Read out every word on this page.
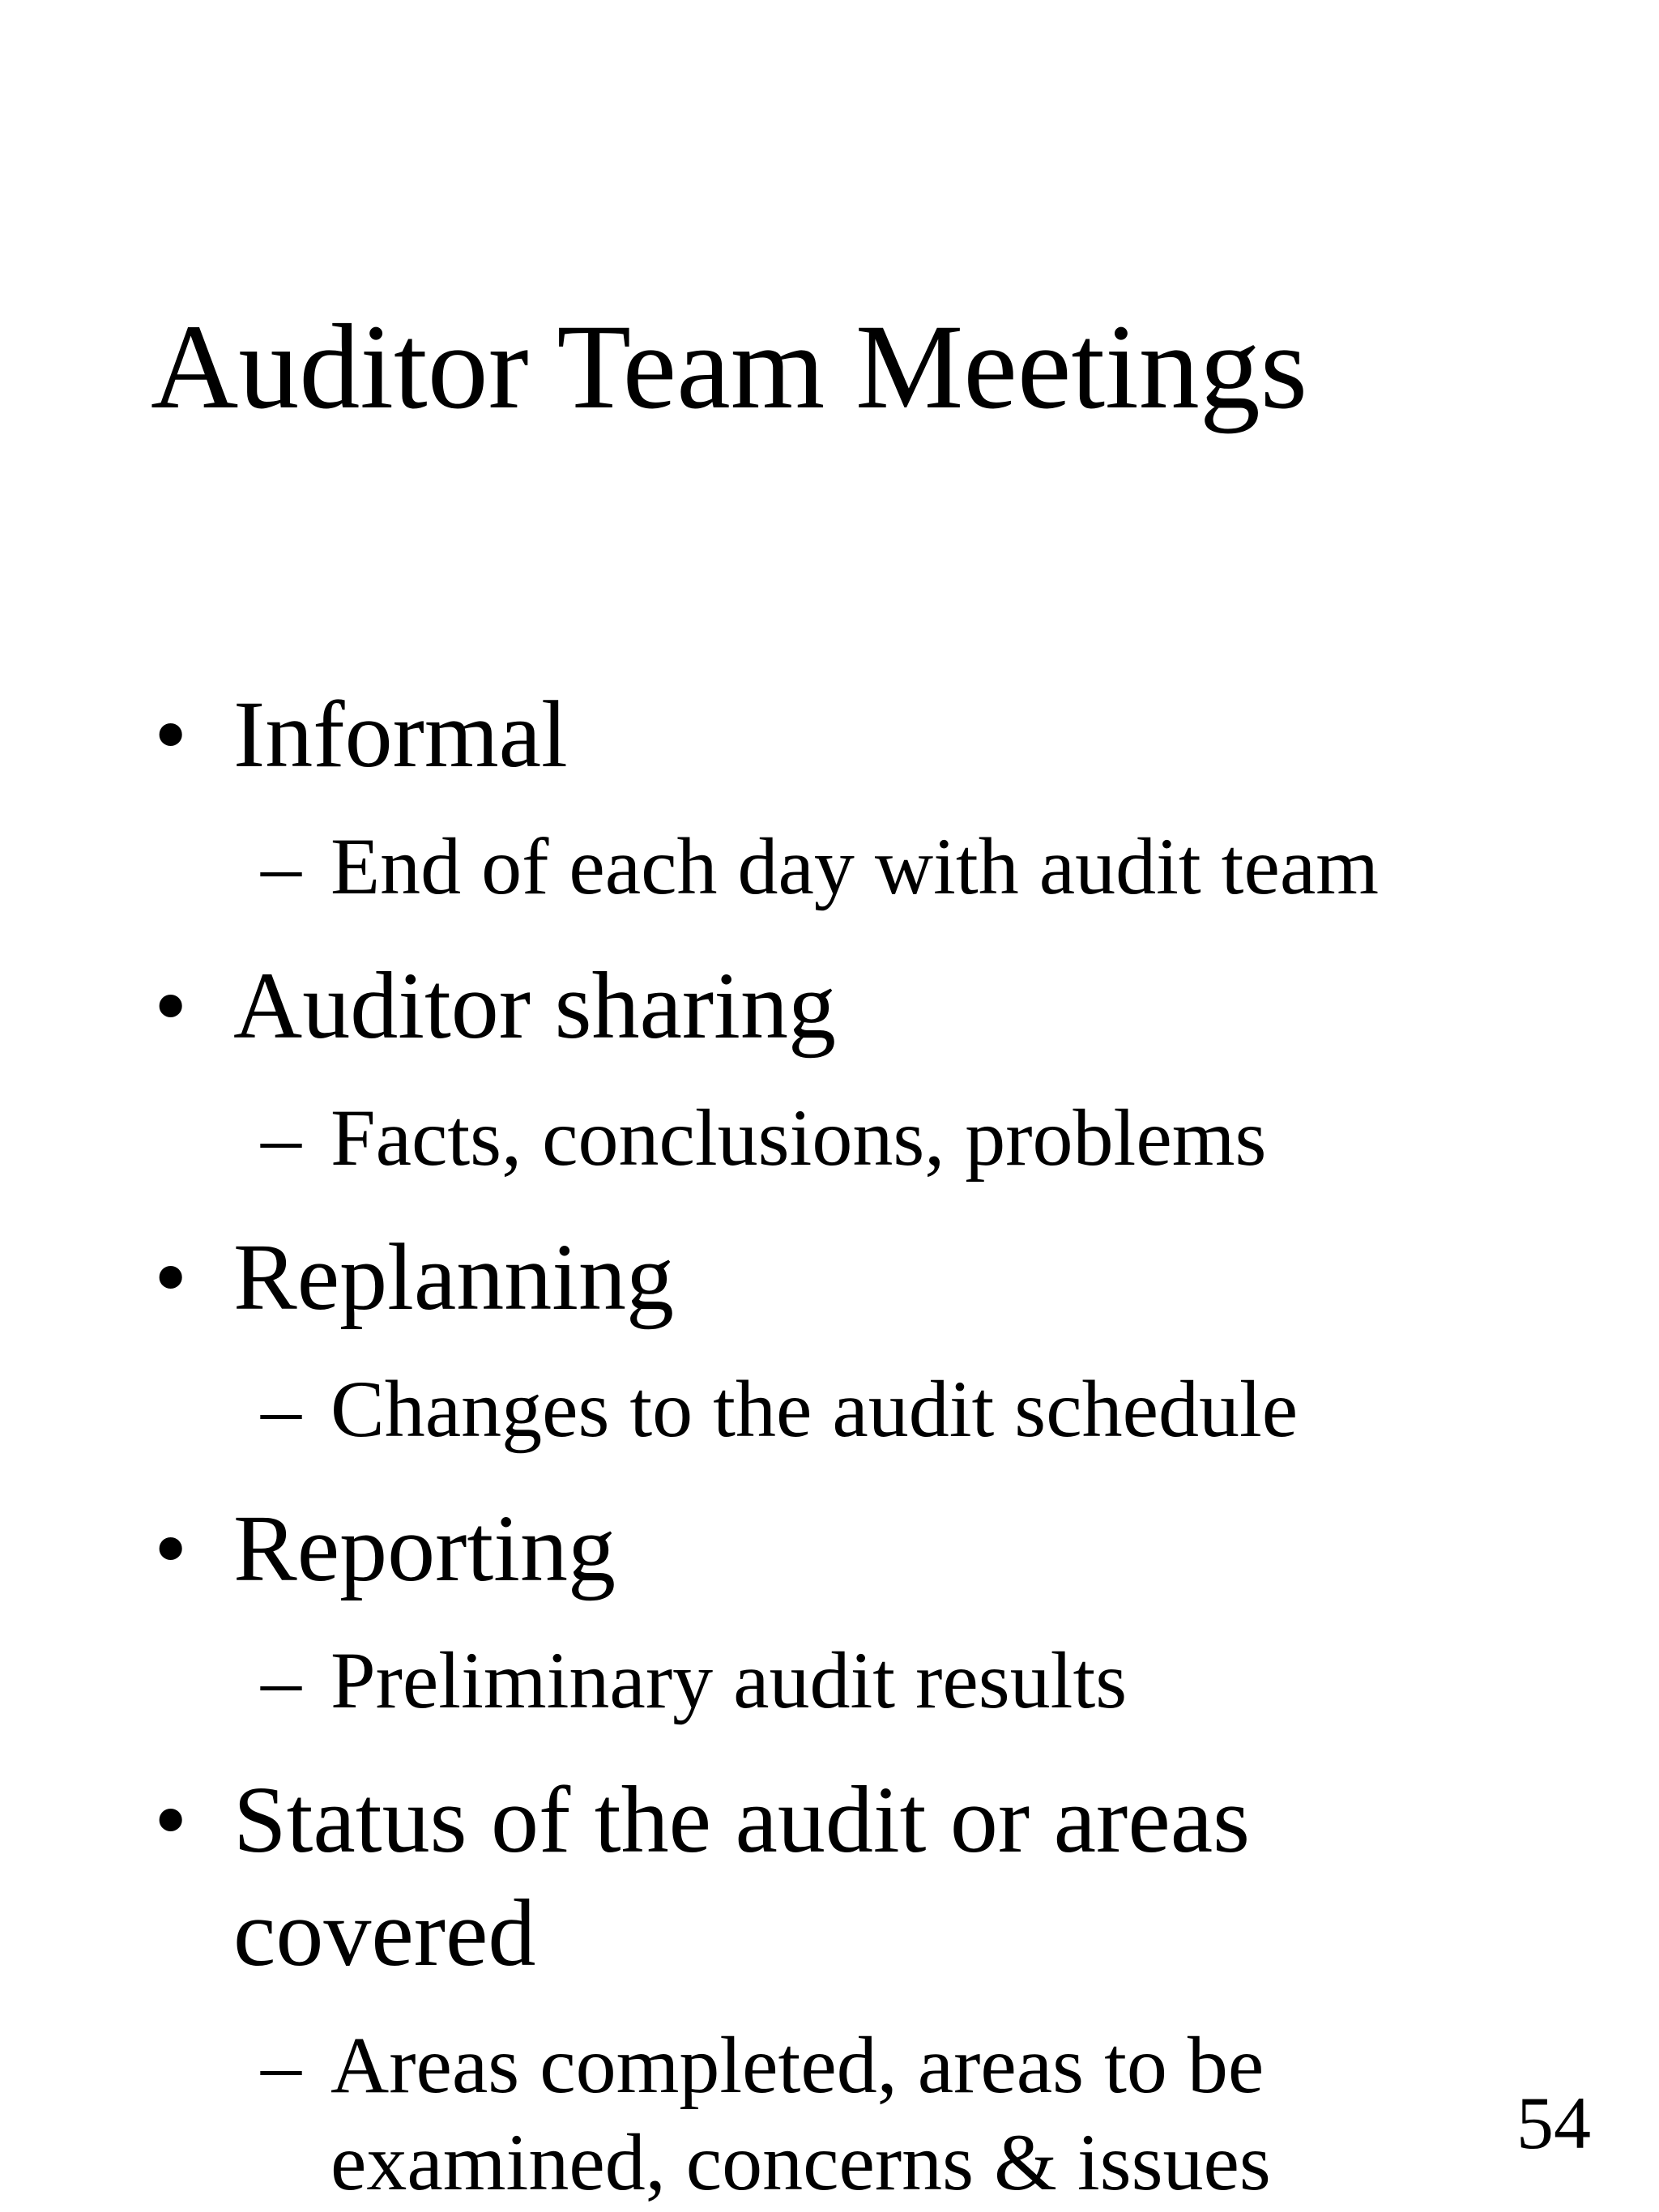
Auditor Team Meetings
• Informal
– End of each day with audit team
• Auditor sharing
– Facts, conclusions, problems
• Replanning
– Changes to the audit schedule
• Reporting
– Preliminary audit results
• Status of the audit or areas
covered
– Areas completed, areas to be
examined, concerns & issues	54
